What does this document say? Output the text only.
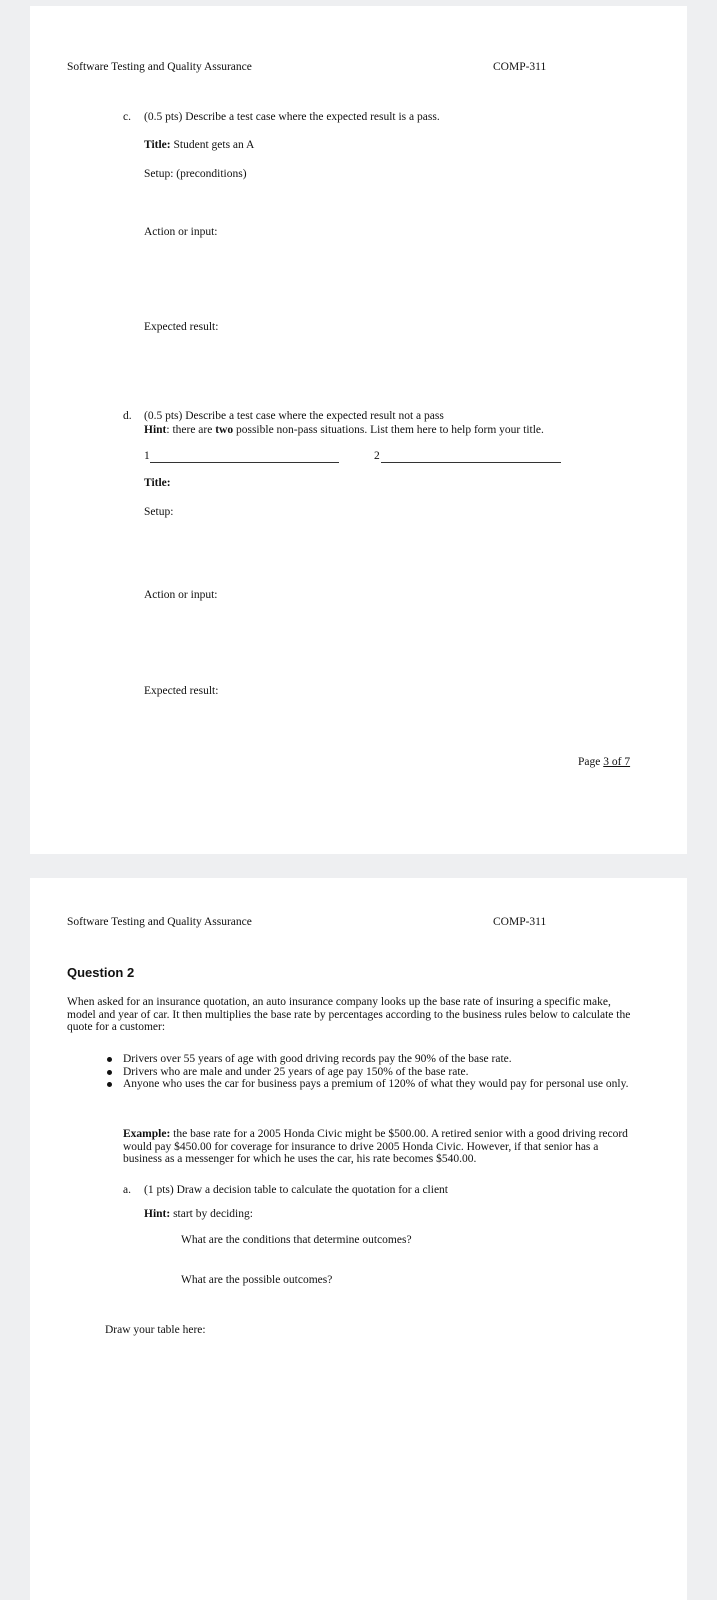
Software Testing and Quality Assurance	COMP-311
c. (0.5 pts) Describe a test case where the expected result is a pass.
Title: Student gets an A
Setup: (preconditions)
Action or input:
Expected result:
d. (0.5 pts) Describe a test case where the expected result not a pass
Hint: there are two possible non-pass situations. List them here to help form your title.
1	2
Title:
Setup:
Action or input:
Expected result:
Page 3 of 7
Software Testing and Quality Assurance	COMP-311
Question 2
When asked for an insurance quotation, an auto insurance company looks up the base rate of insuring a specific make, model and year of car. It then multiplies the base rate by percentages according to the business rules below to calculate the quote for a customer:
Drivers over 55 years of age with good driving records pay the 90% of the base rate.
Drivers who are male and under 25 years of age pay 150% of the base rate.
Anyone who uses the car for business pays a premium of 120% of what they would pay for personal use only.
Example: the base rate for a 2005 Honda Civic might be $500.00. A retired senior with a good driving record would pay $450.00 for coverage for insurance to drive 2005 Honda Civic. However, if that senior has a business as a messenger for which he uses the car, his rate becomes $540.00.
a. (1 pts) Draw a decision table to calculate the quotation for a client
Hint: start by deciding:
What are the conditions that determine outcomes?
What are the possible outcomes?
Draw your table here:
